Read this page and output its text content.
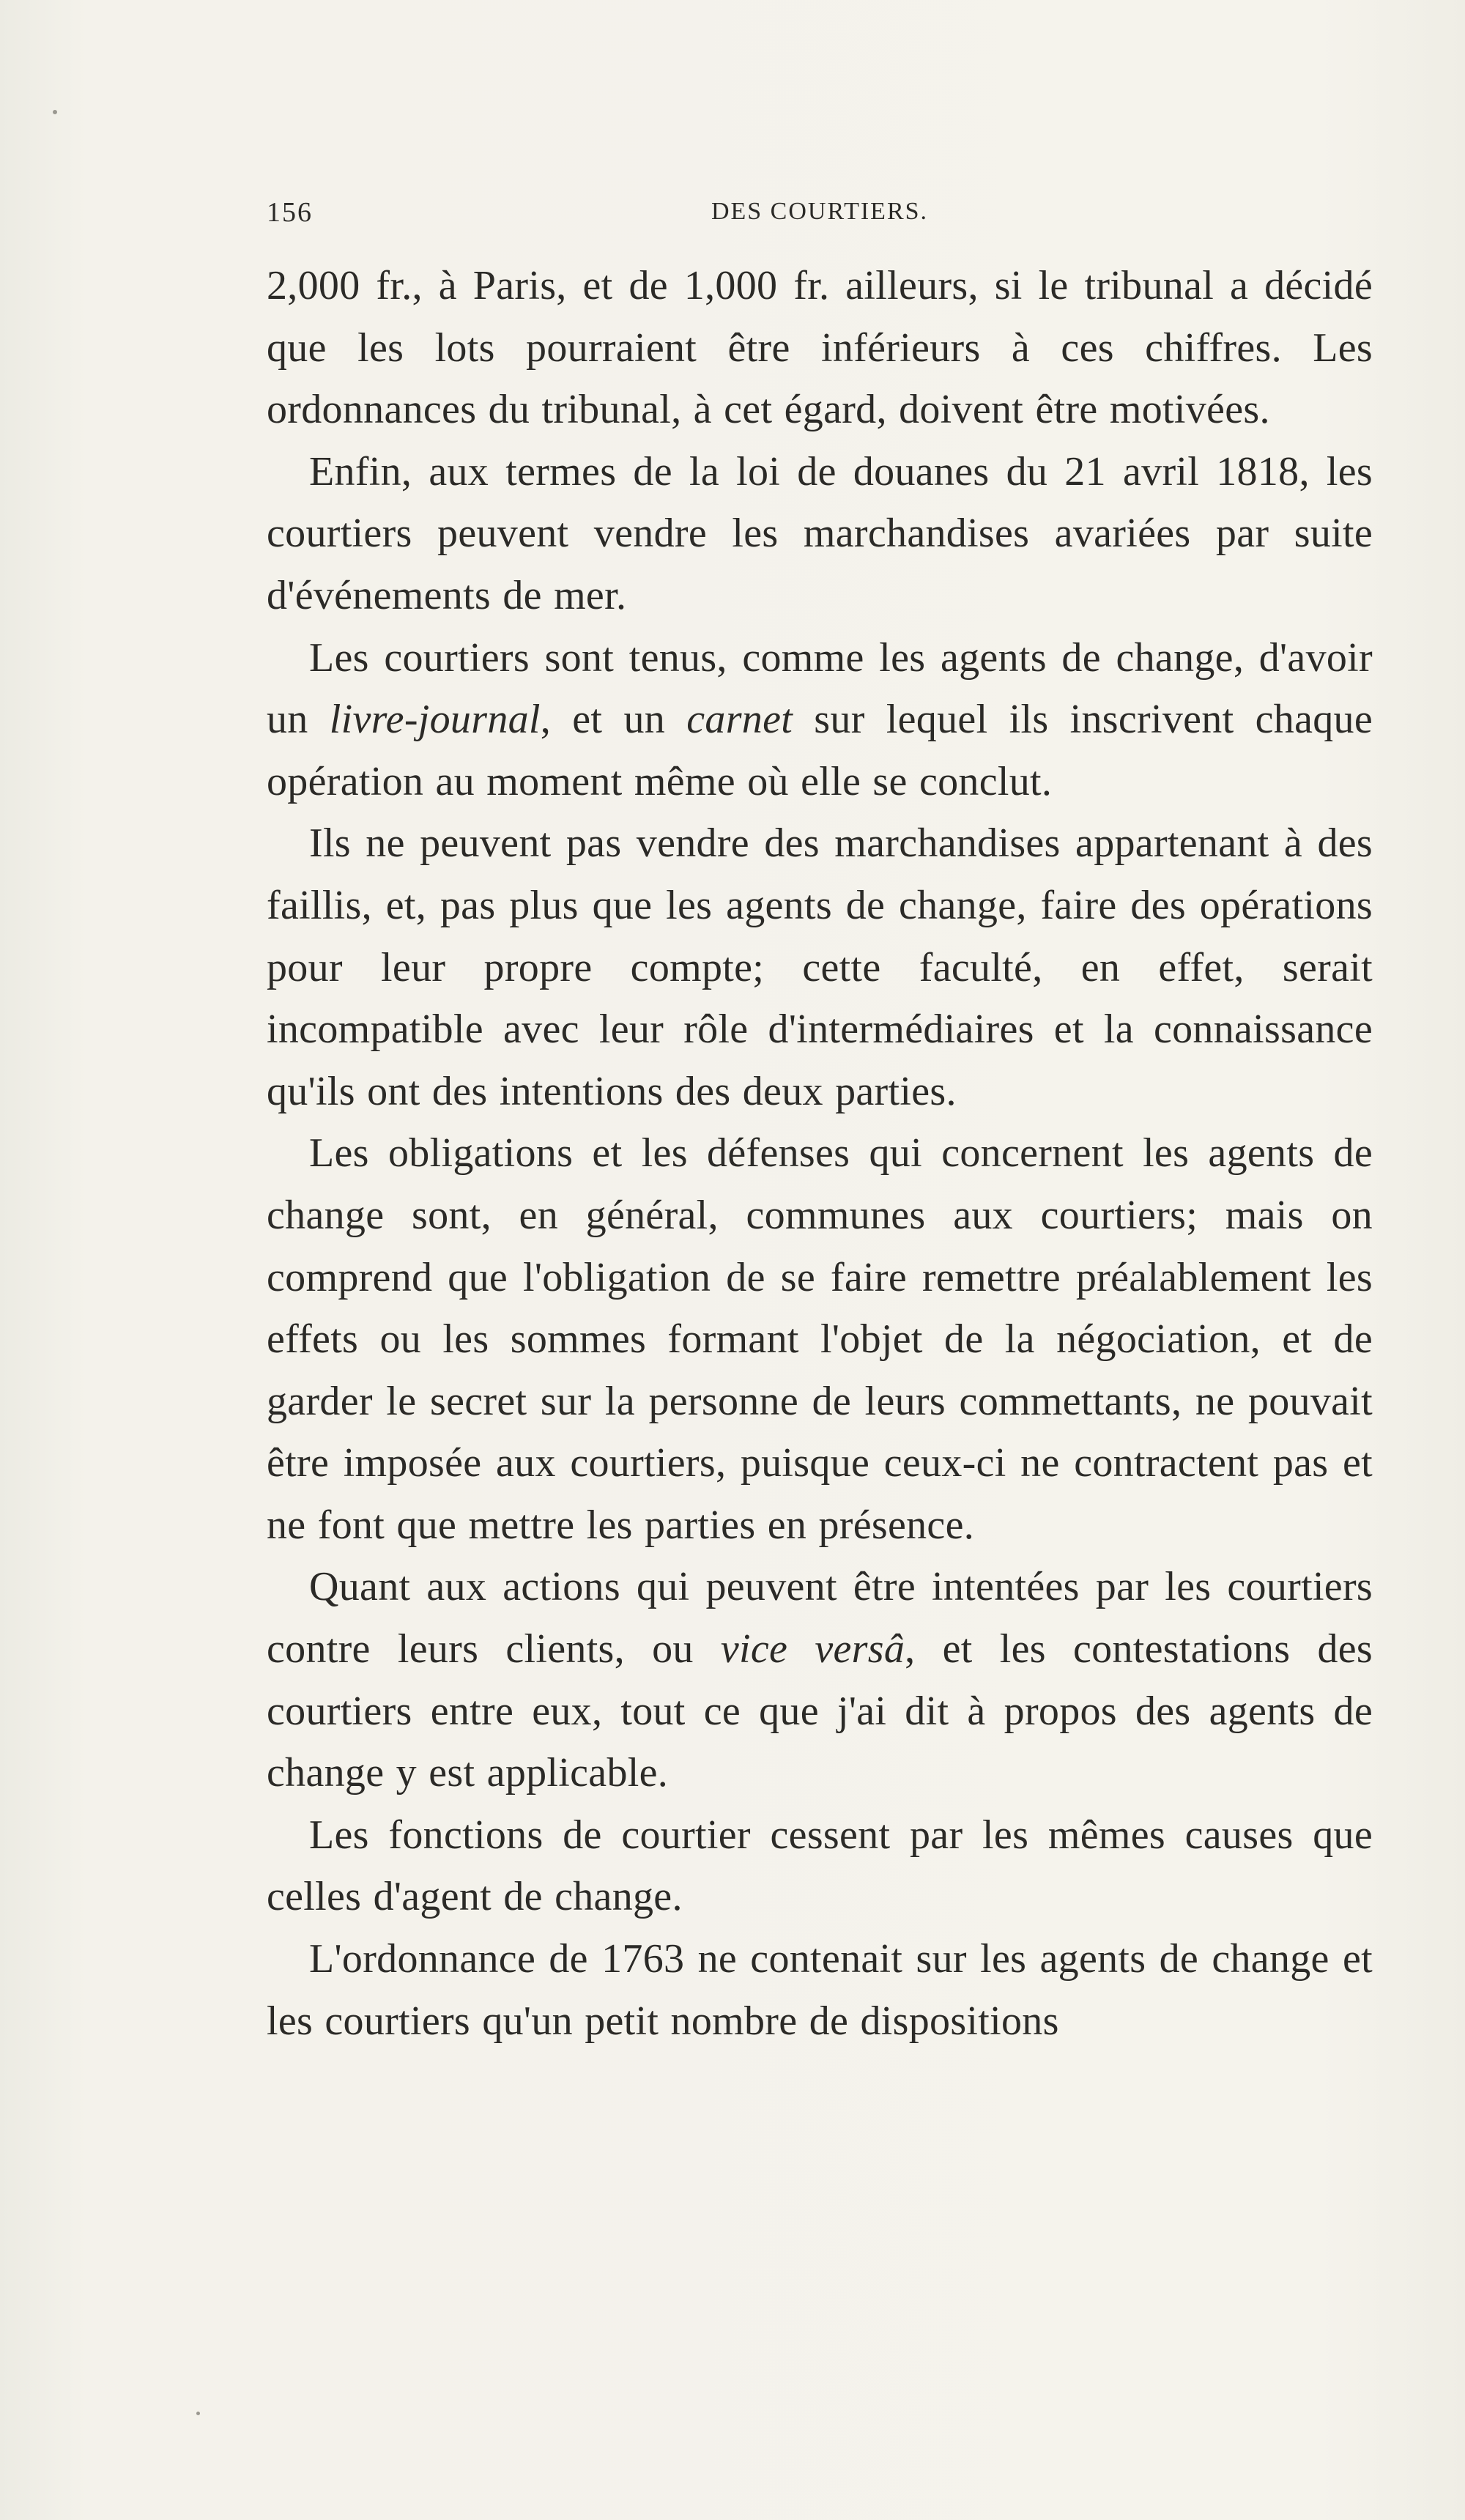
156	DES COURTIERS.

2,000 fr., à Paris, et de 1,000 fr. ailleurs, si le tribunal a décidé que les lots pourraient être inférieurs à ces chiffres. Les ordonnances du tribunal, à cet égard, doivent être motivées.

Enfin, aux termes de la loi de douanes du 21 avril 1818, les courtiers peuvent vendre les marchandises avariées par suite d'événements de mer.

Les courtiers sont tenus, comme les agents de change, d'avoir un livre-journal, et un carnet sur lequel ils inscrivent chaque opération au moment même où elle se conclut.

Ils ne peuvent pas vendre des marchandises appartenant à des faillis, et, pas plus que les agents de change, faire des opérations pour leur propre compte; cette faculté, en effet, serait incompatible avec leur rôle d'intermédiaires et la connaissance qu'ils ont des intentions des deux parties.

Les obligations et les défenses qui concernent les agents de change sont, en général, communes aux courtiers; mais on comprend que l'obligation de se faire remettre préalablement les effets ou les sommes formant l'objet de la négociation, et de garder le secret sur la personne de leurs commettants, ne pouvait être imposée aux courtiers, puisque ceux-ci ne contractent pas et ne font que mettre les parties en présence.

Quant aux actions qui peuvent être intentées par les courtiers contre leurs clients, ou vice versâ, et les contestations des courtiers entre eux, tout ce que j'ai dit à propos des agents de change y est applicable.

Les fonctions de courtier cessent par les mêmes causes que celles d'agent de change.

L'ordonnance de 1763 ne contenait sur les agents de change et les courtiers qu'un petit nombre de dispositions
